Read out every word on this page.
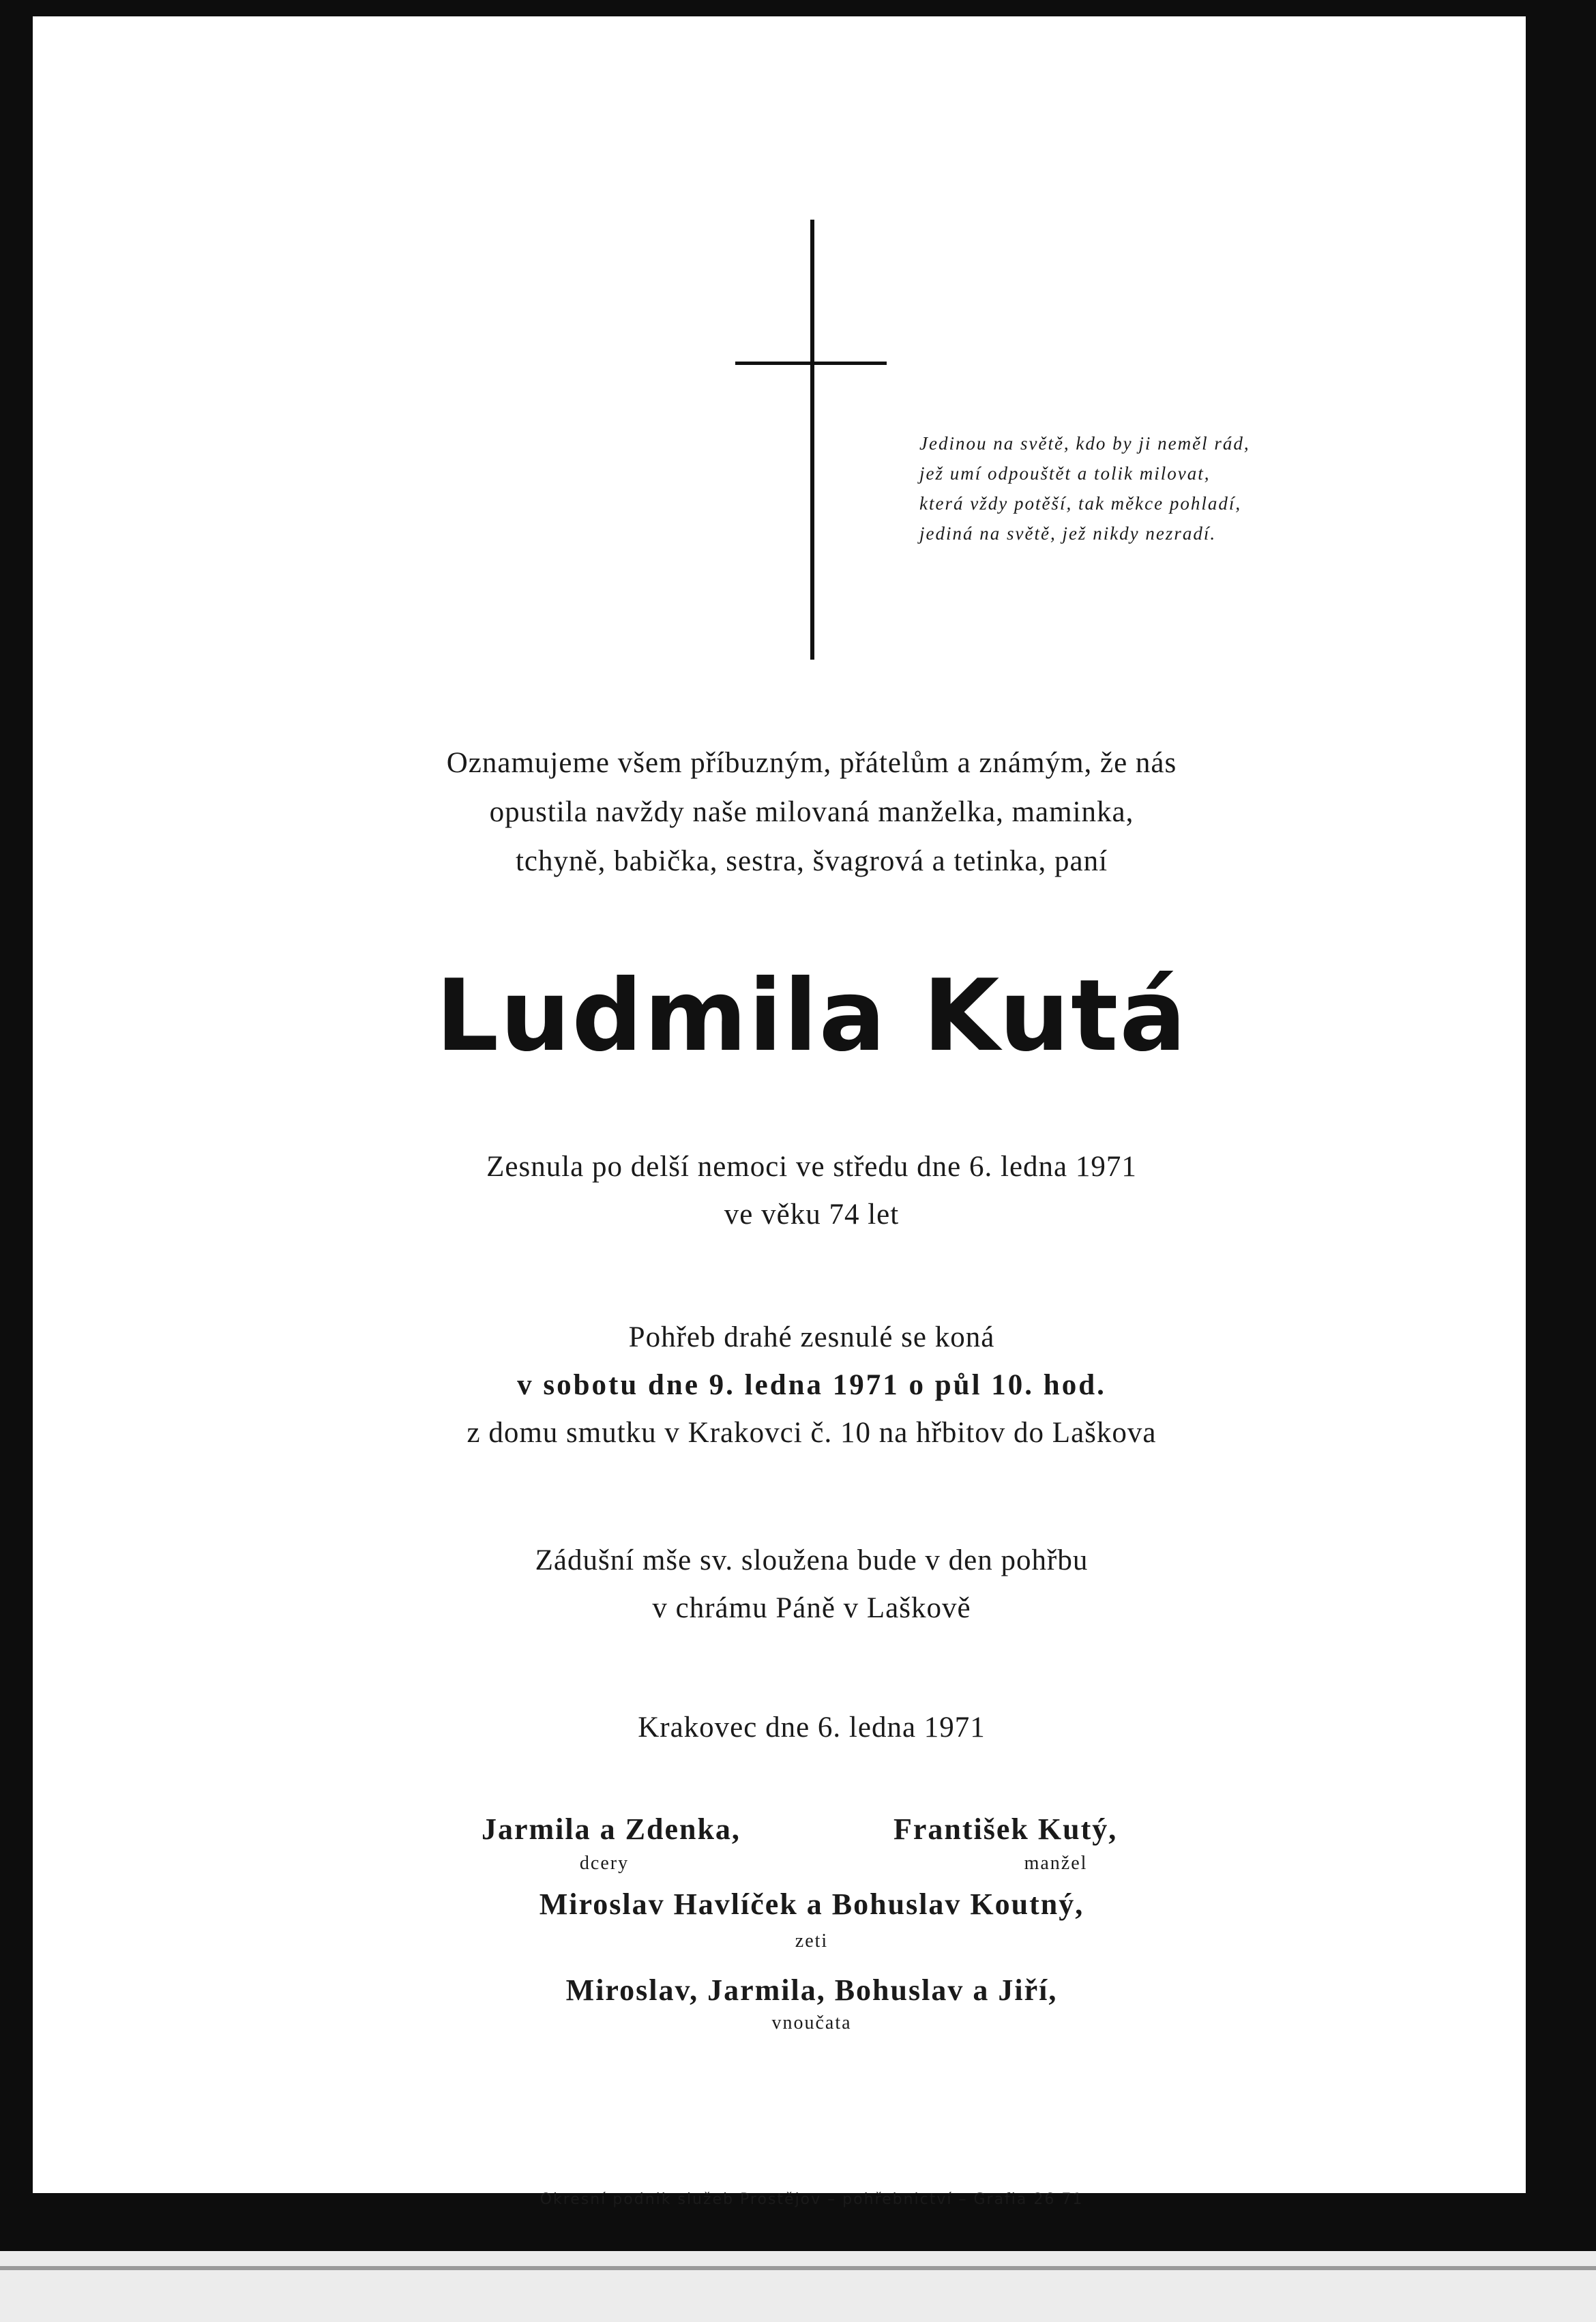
Jedinou na světě, kdo by ji neměl rád,
jež umí odpouštět a tolik milovat,
která vždy potěší, tak měkce pohladí,
jediná na světě, jež nikdy nezradí.
Oznamujeme všem příbuzným, přátelům a známým, že nás
opustila navždy naše milovaná manželka, maminka,
tchyně, babička, sestra, švagrová a tetinka, paní
Ludmila Kutá
Zesnula po delší nemoci ve středu dne 6. ledna 1971
ve věku 74 let
Pohřeb drahé zesnulé se koná
v sobotu dne 9. ledna 1971 o půl 10. hod.
z domu smutku v Krakovci č. 10 na hřbitov do Laškova
Zádušní mše sv. sloužena bude v den pohřbu
v chrámu Páně v Laškově
Krakovec dne 6. ledna 1971
Jarmila a Zdenka,
dcery
František Kutý,
manžel
Miroslav Havlíček a Bohuslav Koutný,
zeti
Miroslav, Jarmila, Bohuslav a Jiří,
vnoučata
Okresní podnik služeb Prostějov – pohřebnictví – Grafia 26 71
